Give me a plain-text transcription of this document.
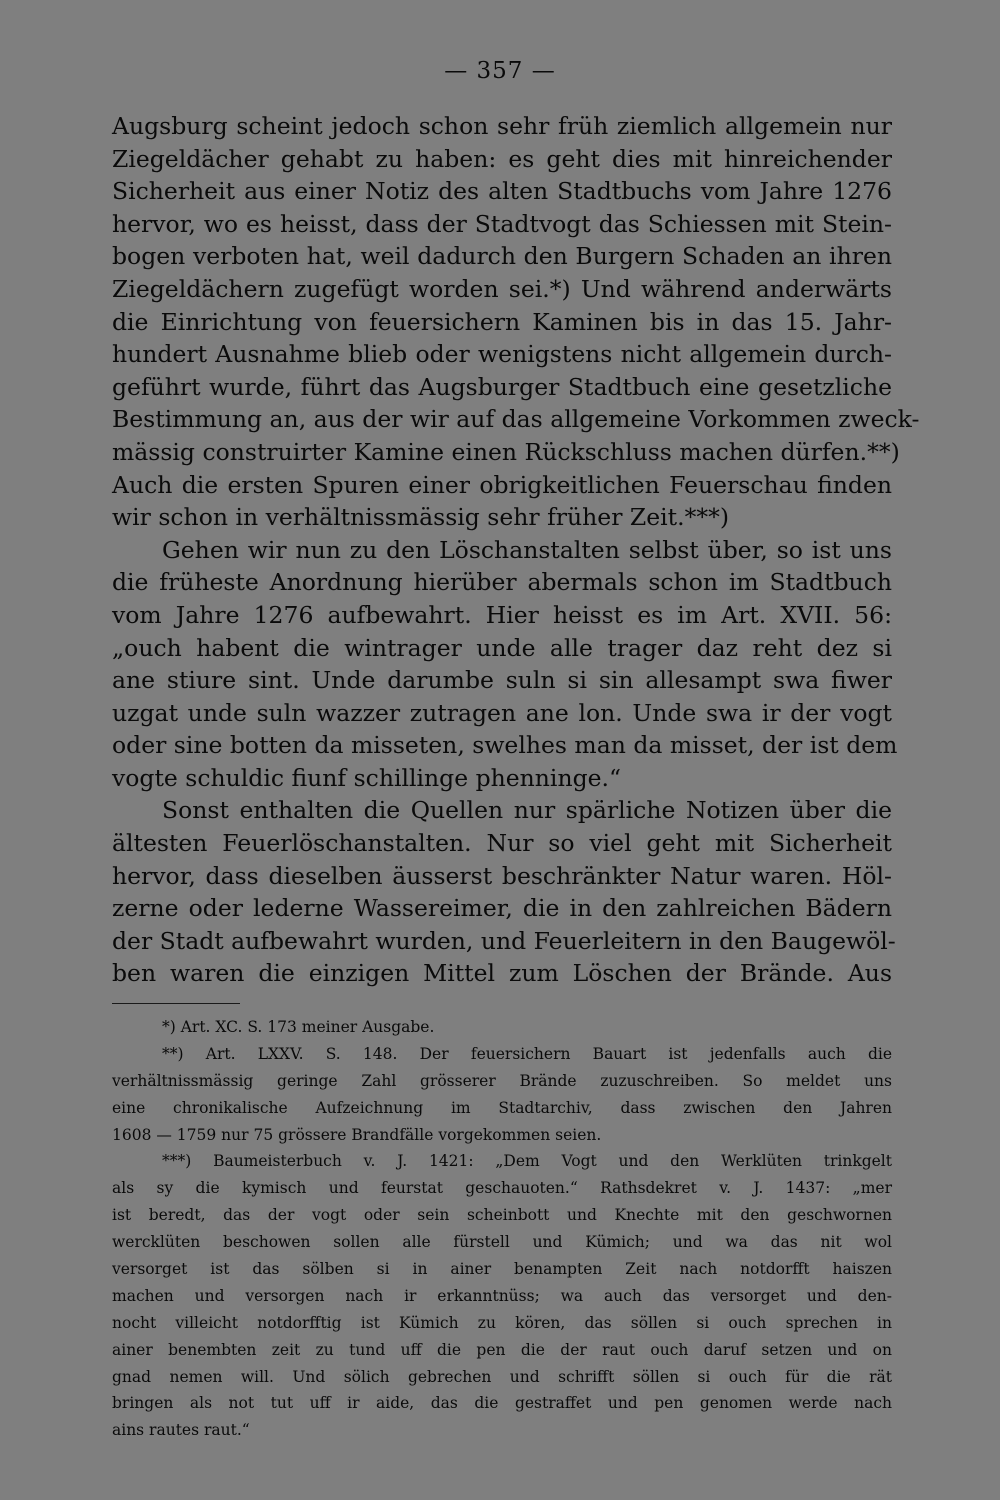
— 357 —
Augsburg scheint jedoch schon sehr früh ziemlich allgemein nur
Ziegeldächer gehabt zu haben: es geht dies mit hinreichender
Sicherheit aus einer Notiz des alten Stadtbuchs vom Jahre 1276
hervor, wo es heisst, dass der Stadtvogt das Schiessen mit Stein-
bogen verboten hat, weil dadurch den Burgern Schaden an ihren
Ziegeldächern zugefügt worden sei.*) Und während anderwärts
die Einrichtung von feuersichern Kaminen bis in das 15. Jahr-
hundert Ausnahme blieb oder wenigstens nicht allgemein durch-
geführt wurde, führt das Augsburger Stadtbuch eine gesetzliche
Bestimmung an, aus der wir auf das allgemeine Vorkommen zweck-
mässig construirter Kamine einen Rückschluss machen dürfen.**)
Auch die ersten Spuren einer obrigkeitlichen Feuerschau finden
wir schon in verhältnissmässig sehr früher Zeit.***)
Gehen wir nun zu den Löschanstalten selbst über, so ist uns
die früheste Anordnung hierüber abermals schon im Stadtbuch
vom Jahre 1276 aufbewahrt. Hier heisst es im Art. XVII. 56:
„ouch habent die wintrager unde alle trager daz reht dez si
ane stiure sint. Unde darumbe suln si sin allesampt swa fiwer
uzgat unde suln wazzer zutragen ane lon. Unde swa ir der vogt
oder sine botten da misseten, swelhes man da misset, der ist dem
vogte schuldic fiunf schillinge phenninge.“
Sonst enthalten die Quellen nur spärliche Notizen über die
ältesten Feuerlöschanstalten. Nur so viel geht mit Sicherheit
hervor, dass dieselben äusserst beschränkter Natur waren. Höl-
zerne oder lederne Wassereimer, die in den zahlreichen Bädern
der Stadt aufbewahrt wurden, und Feuerleitern in den Baugewöl-
ben waren die einzigen Mittel zum Löschen der Brände. Aus
*) Art. XC. S. 173 meiner Ausgabe.
**) Art. LXXV. S. 148. Der feuersichern Bauart ist jedenfalls auch die
verhältnissmässig geringe Zahl grösserer Brände zuzuschreiben. So meldet uns
eine chronikalische Aufzeichnung im Stadtarchiv, dass zwischen den Jahren
1608 — 1759 nur 75 grössere Brandfälle vorgekommen seien.
***) Baumeisterbuch v. J. 1421: „Dem Vogt und den Werklüten trinkgelt
als sy die kymisch und feurstat geschauoten.“ Rathsdekret v. J. 1437: „mer
ist beredt, das der vogt oder sein scheinbott und Knechte mit den geschwornen
wercklüten beschowen sollen alle fürstell und Kümich; und wa das nit wol
versorget ist das sölben si in ainer benampten Zeit nach notdorfft haiszen
machen und versorgen nach ir erkanntnüss; wa auch das versorget und den-
nocht villeicht notdorfftig ist Kümich zu kören, das söllen si ouch sprechen in
ainer benembten zeit zu tund uff die pen die der raut ouch daruf setzen und on
gnad nemen will. Und sölich gebrechen und schrifft söllen si ouch für die rät
bringen als not tut uff ir aide, das die gestraffet und pen genomen werde nach
ains rautes raut.“
